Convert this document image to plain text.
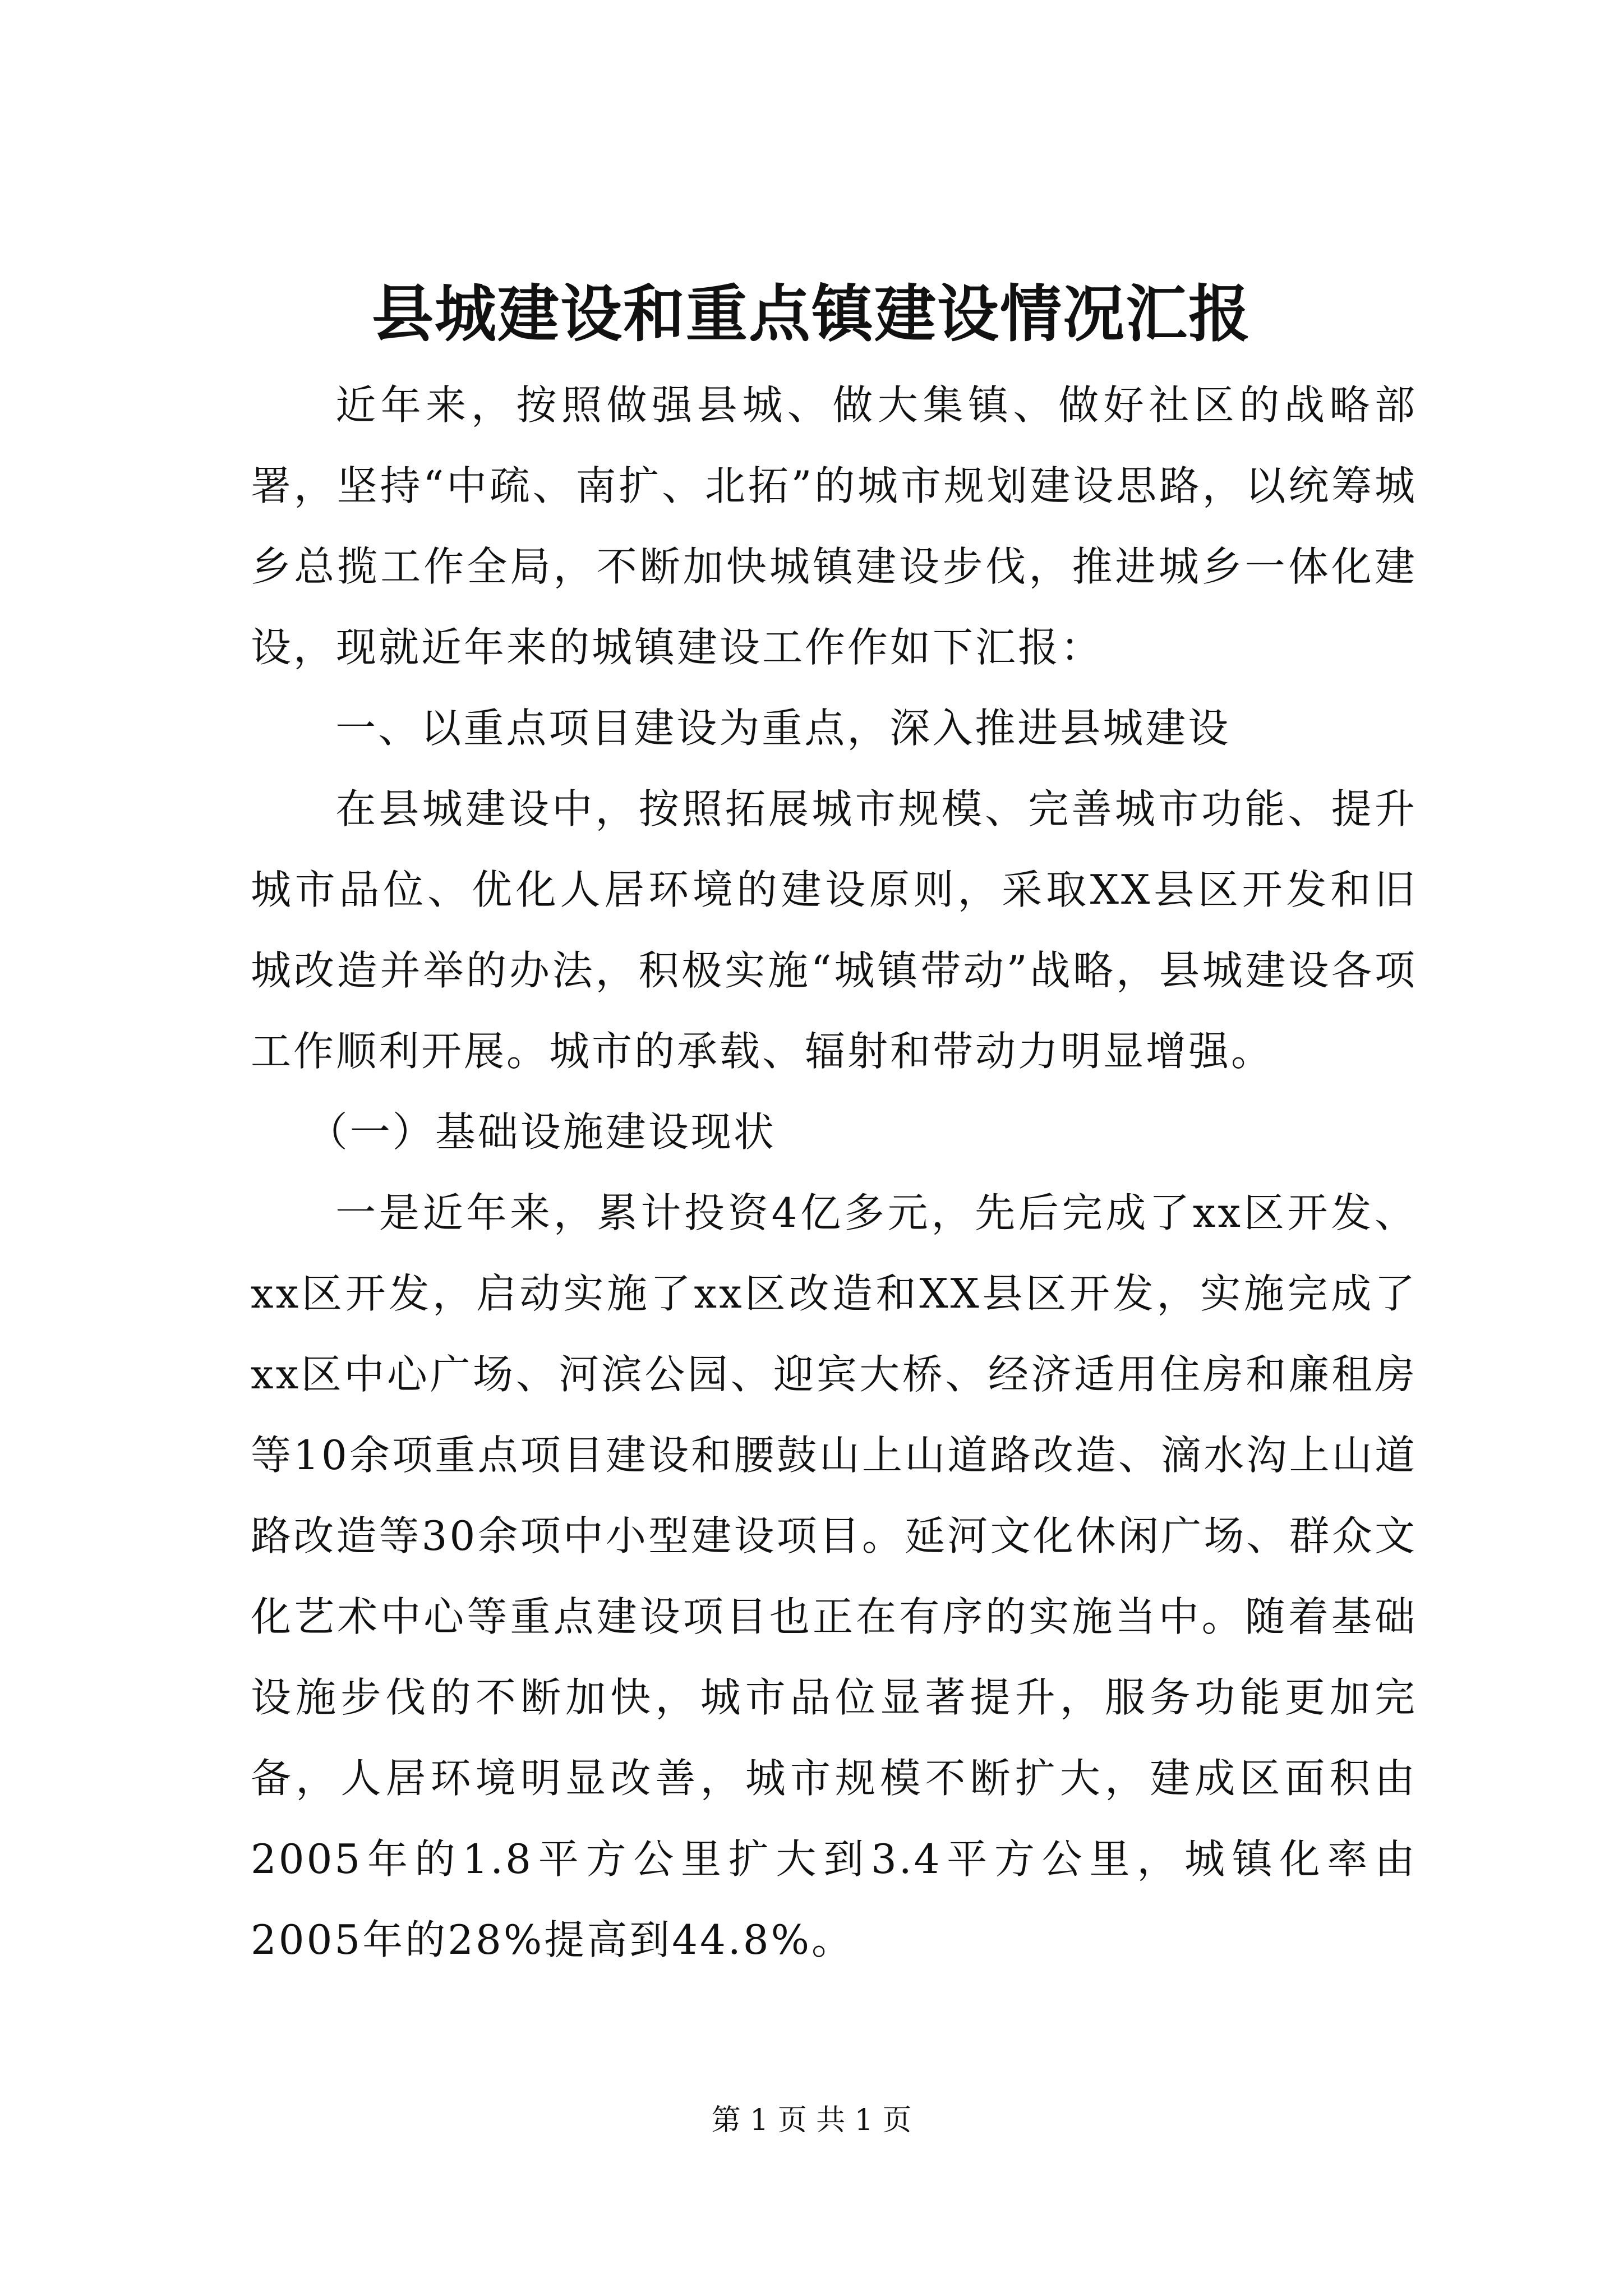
县城建设和重点镇建设情况汇报

近年来，按照做强县城、做大集镇、做好社区的战略部署，坚持“中疏、南扩、北拓”的城市规划建设思路，以统筹城乡总揽工作全局，不断加快城镇建设步伐，推进城乡一体化建设，现就近年来的城镇建设工作作如下汇报：

一、以重点项目建设为重点，深入推进县城建设

在县城建设中，按照拓展城市规模、完善城市功能、提升城市品位、优化人居环境的建设原则，采取XX县区开发和旧城改造并举的办法，积极实施“城镇带动”战略，县城建设各项工作顺利开展。城市的承载、辐射和带动力明显增强。

（一）基础设施建设现状

一是近年来，累计投资4亿多元，先后完成了xx区开发、xx区开发，启动实施了xx区改造和XX县区开发，实施完成了xx区中心广场、河滨公园、迎宾大桥、经济适用住房和廉租房等10余项重点项目建设和腰鼓山上山道路改造、滴水沟上山道路改造等30余项中小型建设项目。延河文化休闲广场、群众文化艺术中心等重点建设项目也正在有序的实施当中。随着基础设施步伐的不断加快，城市品位显著提升，服务功能更加完备，人居环境明显改善，城市规模不断扩大，建成区面积由2005年的1.8平方公里扩大到3.4平方公里，城镇化率由2005年的28%提高到44.8%。

第 1 页 共 1 页
